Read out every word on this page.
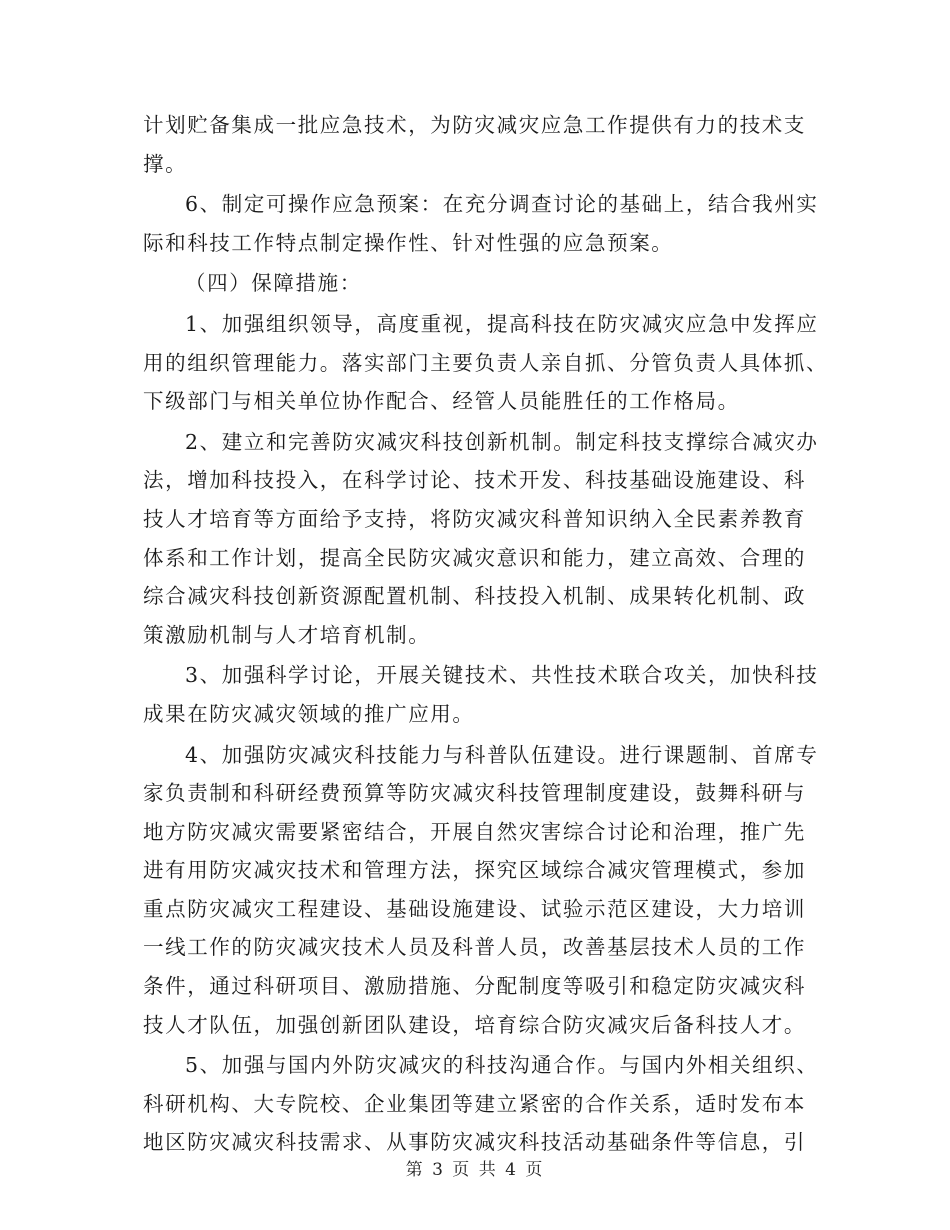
计划贮备集成一批应急技术，为防灾减灾应急工作提供有力的技术支
撑。
6、制定可操作应急预案：在充分调查讨论的基础上，结合我州实
际和科技工作特点制定操作性、针对性强的应急预案。
（四）保障措施：
1、加强组织领导，高度重视，提高科技在防灾减灾应急中发挥应
用的组织管理能力。落实部门主要负责人亲自抓、分管负责人具体抓、
下级部门与相关单位协作配合、经管人员能胜任的工作格局。
2、建立和完善防灾减灾科技创新机制。制定科技支撑综合减灾办
法，增加科技投入，在科学讨论、技术开发、科技基础设施建设、科
技人才培育等方面给予支持，将防灾减灾科普知识纳入全民素养教育
体系和工作计划，提高全民防灾减灾意识和能力，建立高效、合理的
综合减灾科技创新资源配置机制、科技投入机制、成果转化机制、政
策激励机制与人才培育机制。
3、加强科学讨论，开展关键技术、共性技术联合攻关，加快科技
成果在防灾减灾领域的推广应用。
4、加强防灾减灾科技能力与科普队伍建设。进行课题制、首席专
家负责制和科研经费预算等防灾减灾科技管理制度建设，鼓舞科研与
地方防灾减灾需要紧密结合，开展自然灾害综合讨论和治理，推广先
进有用防灾减灾技术和管理方法，探究区域综合减灾管理模式，参加
重点防灾减灾工程建设、基础设施建设、试验示范区建设，大力培训
一线工作的防灾减灾技术人员及科普人员，改善基层技术人员的工作
条件，通过科研项目、激励措施、分配制度等吸引和稳定防灾减灾科
技人才队伍，加强创新团队建设，培育综合防灾减灾后备科技人才。
5、加强与国内外防灾减灾的科技沟通合作。与国内外相关组织、
科研机构、大专院校、企业集团等建立紧密的合作关系，适时发布本
地区防灾减灾科技需求、从事防灾减灾科技活动基础条件等信息，引
第 3 页 共 4 页
